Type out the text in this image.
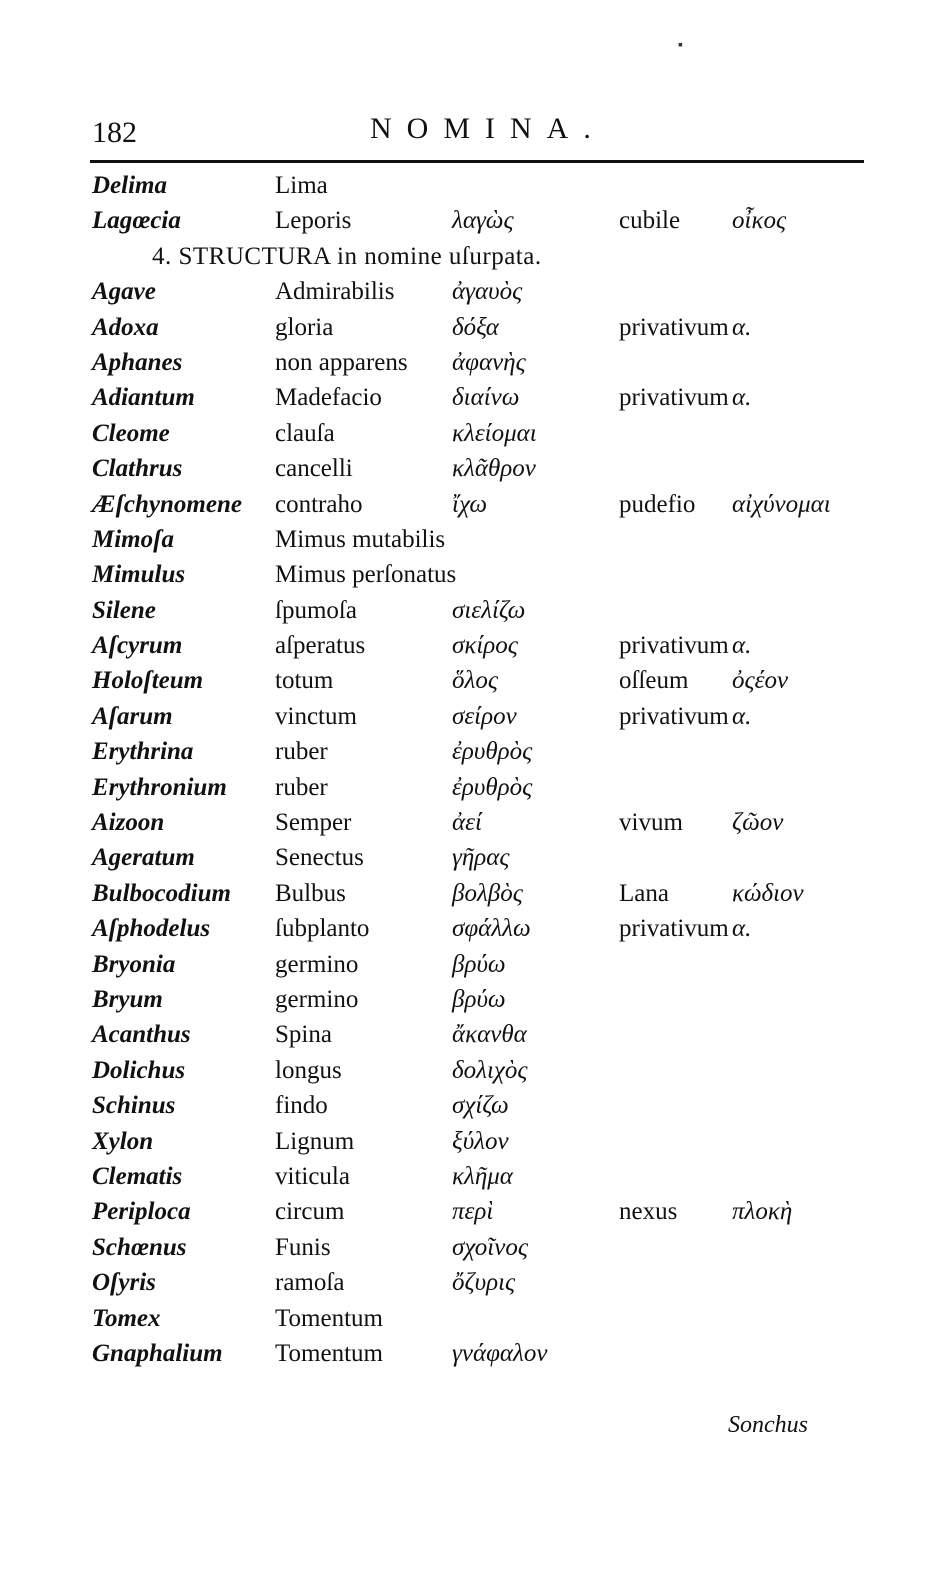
▪
182	NOMINA.
Delima	Lima
Lagœcia	Leporis	λαγὼς	cubile οἶκος
4. STRUCTURA in nomine uſurpata.
Agave	Admirabilis ἀγαυὸς
Adoxa	gloria	δόξα	privativum α.
Aphanes	non apparens ἀφανὴς
Adiantum	Madefacio	διαίνω	privativum α.
Cleome	clauſa	κλείομαι
Clathrus	cancelli	κλᾶθρον
Æſchynomene contraho	ἴχω	pudefio αἰχύνομαι
Mimoſa	Mimus mutabilis
Mimulus	Mimus perſonatus
Silene	ſpumoſa	σιελίζω
Aſcyrum	aſperatus	σκίρος	privativum α.
Holoſteum	totum	ὅλος	oſſeum ὀςέον
Aſarum	vinctum	σείρον	privativum α.
Erythrina	ruber	ἐρυθρὸς
Erythronium ruber	ἐρυθρὸς
Aizoon	Semper	ἀεί	vivum ζῶον
Ageratum	Senectus	γῆρας
Bulbocodium Bulbus	βολβὸς	Lana	κώδιον
Aſphodelus	ſubplanto	σφάλλω	privativum α.
Bryonia	germino	βρύω
Bryum	germino	βρύω
Acanthus	Spina	ἄκανθα
Dolichus	longus	δολιχὸς
Schinus	findo	σχίζω
Xylon	Lignum	ξύλον
Clematis	viticula	κλῆμα
Periploca	circum	περὶ	nexus πλοκὴ
Schœnus	Funis	σχοῖνος
Oſyris	ramoſa	ὄζυρις
Tomex	Tomentum
Gnaphalium Tomentum	γνάφαλον
Sonchus
